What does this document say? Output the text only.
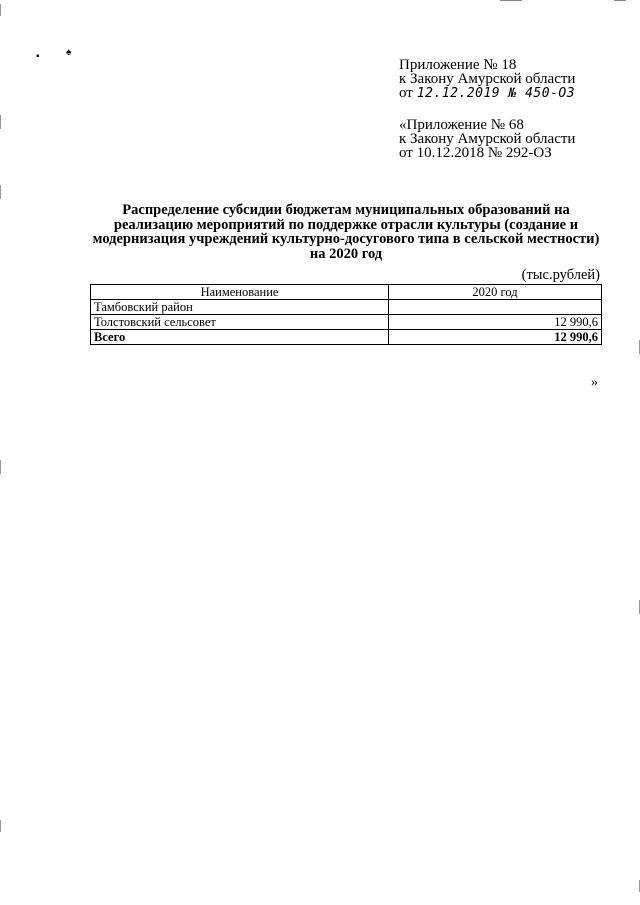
▪	♠
Приложение № 18
к Закону Амурской области
от 12.12.2019 № 450-ОЗ
«Приложение № 68
к Закону Амурской области
от 10.12.2018 № 292-ОЗ
Распределение субсидии бюджетам муниципальных образований на реализацию мероприятий по поддержке отрасли культуры (создание и модернизация учреждений культурно-досугового типа в сельской местности) на 2020 год
(тыс.рублей)
Наименование	2020 год
Тамбовский район	
Толстовский сельсовет	12 990,6
Всего	12 990,6
»
